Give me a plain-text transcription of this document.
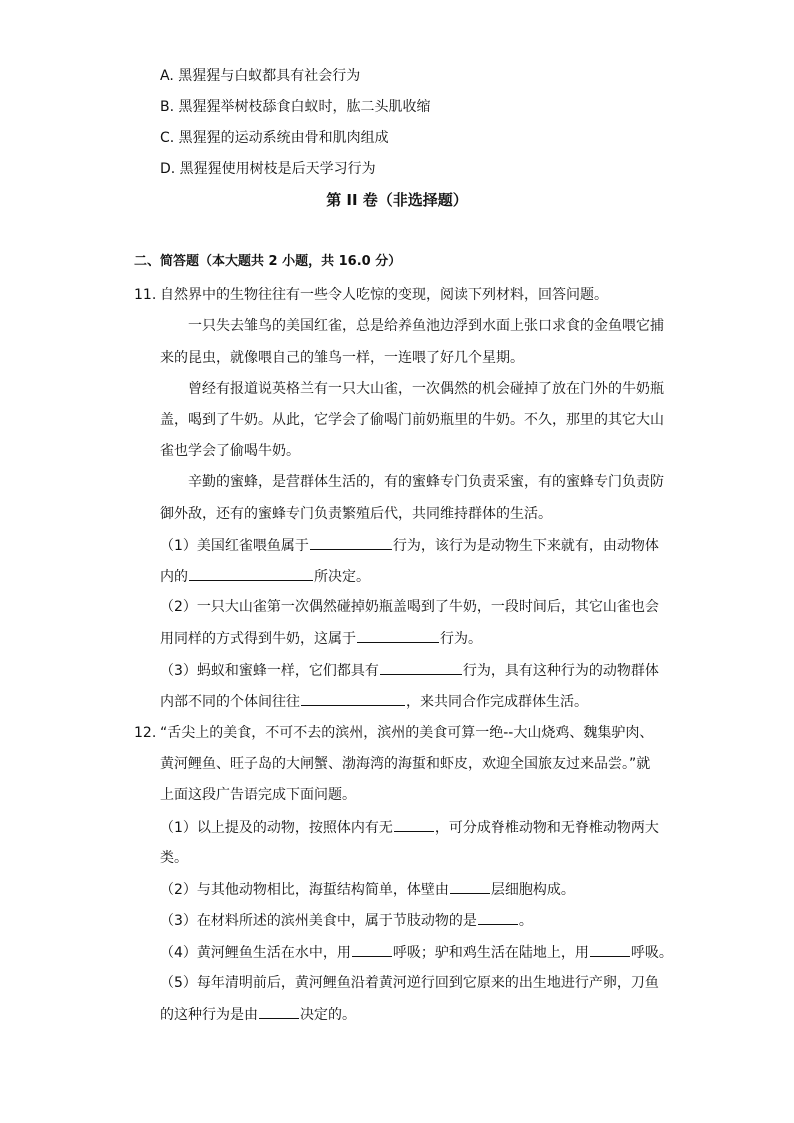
A. 黑猩猩与白蚁都具有社会行为
B. 黑猩猩举树枝舔食白蚁时，肱二头肌收缩
C. 黑猩猩的运动系统由骨和肌肉组成
D. 黑猩猩使用树枝是后天学习行为
第 II 卷（非选择题）
二、简答题（本大题共 2 小题，共 16.0 分）
11. 自然界中的生物往往有一些令人吃惊的变现，阅读下列材料，回答问题。
一只失去雏鸟的美国红雀，总是给养鱼池边浮到水面上张口求食的金鱼喂它捕
来的昆虫，就像喂自己的雏鸟一样，一连喂了好几个星期。
曾经有报道说英格兰有一只大山雀，一次偶然的机会碰掉了放在门外的牛奶瓶
盖，喝到了牛奶。从此，它学会了偷喝门前奶瓶里的牛奶。不久，那里的其它大山
雀也学会了偷喝牛奶。
辛勤的蜜蜂，是营群体生活的，有的蜜蜂专门负责采蜜，有的蜜蜂专门负责防
御外敌，还有的蜜蜂专门负责繁殖后代，共同维持群体的生活。
（1）美国红雀喂鱼属于	行为，该行为是动物生下来就有，由动物体
内的	所决定。
（2）一只大山雀第一次偶然碰掉奶瓶盖喝到了牛奶，一段时间后，其它山雀也会
用同样的方式得到牛奶，这属于	行为。
（3）蚂蚁和蜜蜂一样，它们都具有	行为，具有这种行为的动物群体
内部不同的个体间往往	，来共同合作完成群体生活。
12. “舌尖上的美食，不可不去的滨州，滨州的美食可算一绝--大山烧鸡、魏集驴肉、
黄河鲤鱼、旺子岛的大闸蟹、渤海湾的海蜇和虾皮，欢迎全国旅友过来品尝。”就
上面这段广告语完成下面问题。
（1）以上提及的动物，按照体内有无	，可分成脊椎动物和无脊椎动物两大
类。
（2）与其他动物相比，海蜇结构简单，体壁由	层细胞构成。
（3）在材料所述的滨州美食中，属于节肢动物的是	。
（4）黄河鲤鱼生活在水中，用	呼吸；驴和鸡生活在陆地上，用	呼吸。
（5）每年清明前后，黄河鲤鱼沿着黄河逆行回到它原来的出生地进行产卵，刀鱼
的这种行为是由	决定的。
